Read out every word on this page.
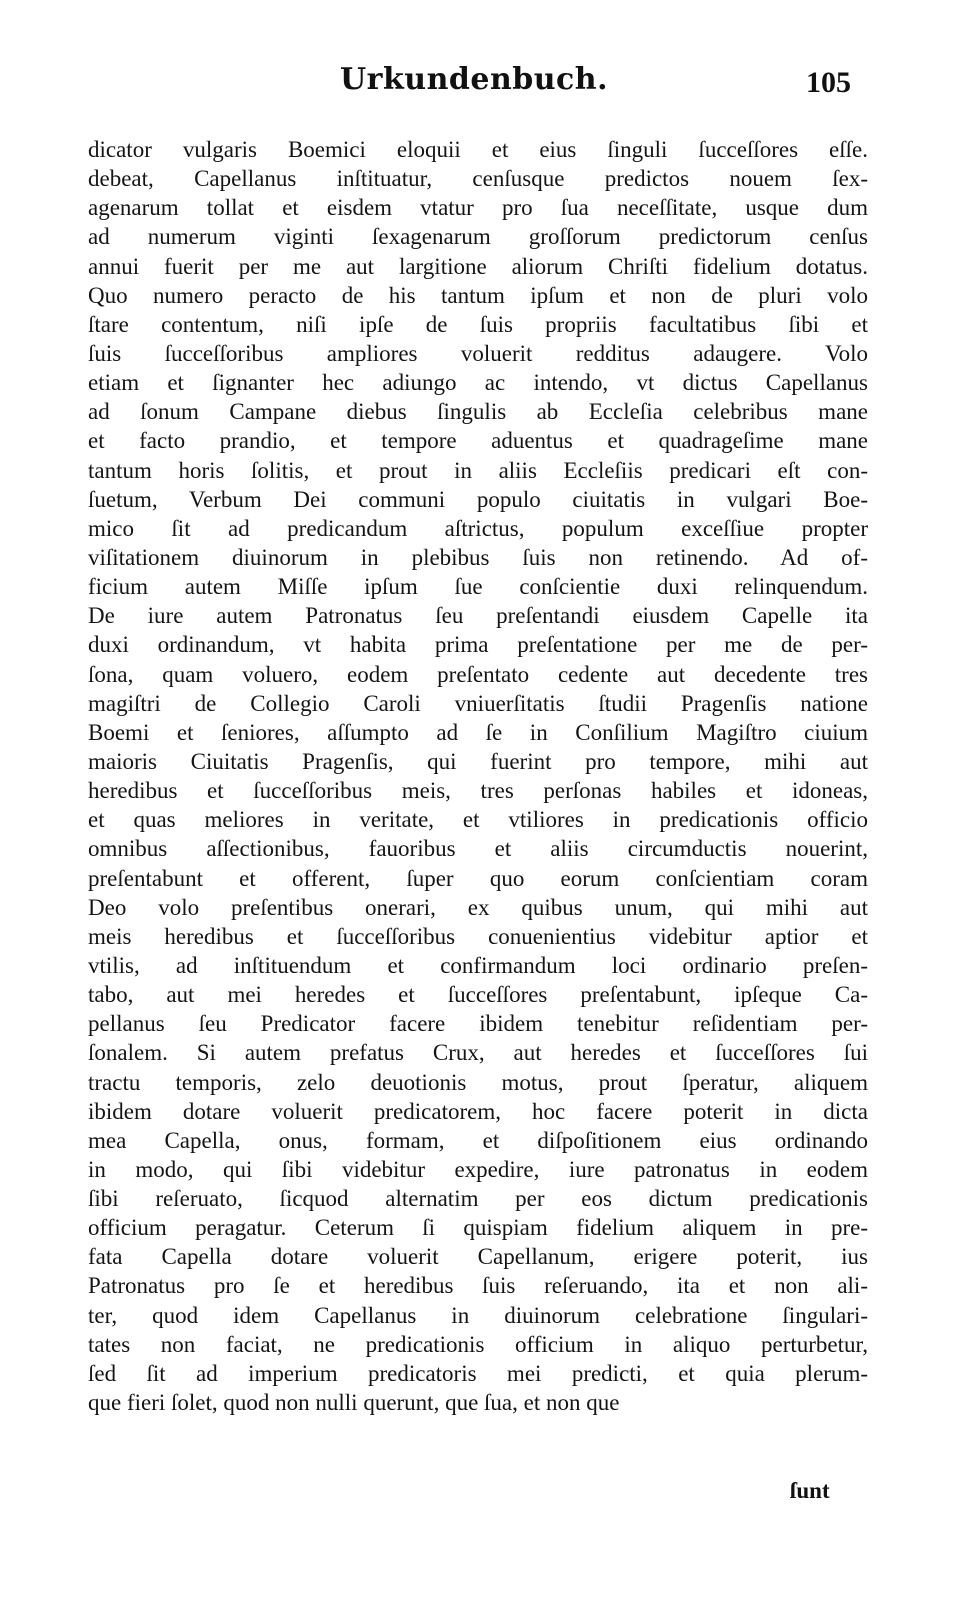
Urkundenbuch.	105
dicator vulgaris Boemici eloquii et eius ſinguli ſucceſſores eſſe.
debeat, Capellanus inſtituatur, cenſusque predictos nouem ſex-
agenarum tollat et eisdem vtatur pro ſua neceſſitate, usque dum
ad numerum viginti ſexagenarum groſſorum predictorum cenſus
annui fuerit per me aut largitione aliorum Chriſti fidelium dotatus.
Quo numero peracto de his tantum ipſum et non de pluri volo
ſtare contentum, niſi ipſe de ſuis propriis facultatibus ſibi et
ſuis ſucceſſoribus ampliores voluerit redditus adaugere. Volo
etiam et ſignanter hec adiungo ac intendo, vt dictus Capellanus
ad ſonum Campane diebus ſingulis ab Eccleſia celebribus mane
et facto prandio, et tempore aduentus et quadrageſime mane
tantum horis ſolitis, et prout in aliis Eccleſiis predicari eſt con-
ſuetum, Verbum Dei communi populo ciuitatis in vulgari Boe-
mico ſit ad predicandum aſtrictus, populum exceſſiue propter
viſitationem diuinorum in plebibus ſuis non retinendo. Ad of-
ficium autem Miſſe ipſum ſue conſcientie duxi relinquendum.
De iure autem Patronatus ſeu preſentandi eiusdem Capelle ita
duxi ordinandum, vt habita prima preſentatione per me de per-
ſona, quam voluero, eodem preſentato cedente aut decedente tres
magiſtri de Collegio Caroli vniuerſitatis ſtudii Pragenſis natione
Boemi et ſeniores, aſſumpto ad ſe in Conſilium Magiſtro ciuium
maioris Ciuitatis Pragenſis, qui fuerint pro tempore, mihi aut
heredibus et ſucceſſoribus meis, tres perſonas habiles et idoneas,
et quas meliores in veritate, et vtiliores in predicationis officio
omnibus aſſectionibus, fauoribus et aliis circumductis nouerint,
preſentabunt et offerent, ſuper quo eorum conſcientiam coram
Deo volo preſentibus onerari, ex quibus unum, qui mihi aut
meis heredibus et ſucceſſoribus conuenientius videbitur aptior et
vtilis, ad inſtituendum et confirmandum loci ordinario preſen-
tabo, aut mei heredes et ſucceſſores preſentabunt, ipſeque Ca-
pellanus ſeu Predicator facere ibidem tenebitur reſidentiam per-
ſonalem. Si autem prefatus Crux, aut heredes et ſucceſſores ſui
tractu temporis, zelo deuotionis motus, prout ſperatur, aliquem
ibidem dotare voluerit predicatorem, hoc facere poterit in dicta
mea Capella, onus, formam, et diſpoſitionem eius ordinando
in modo, qui ſibi videbitur expedire, iure patronatus in eodem
ſibi reſeruato, ſicquod alternatim per eos dictum predicationis
officium peragatur. Ceterum ſi quispiam fidelium aliquem in pre-
fata Capella dotare voluerit Capellanum, erigere poterit, ius
Patronatus pro ſe et heredibus ſuis reſeruando, ita et non ali-
ter, quod idem Capellanus in diuinorum celebratione ſingulari-
tates non faciat, ne predicationis officium in aliquo perturbetur,
ſed ſit ad imperium predicatoris mei predicti, et quia plerum-
que fieri ſolet, quod non nulli querunt, que ſua, et non que
ſunt
